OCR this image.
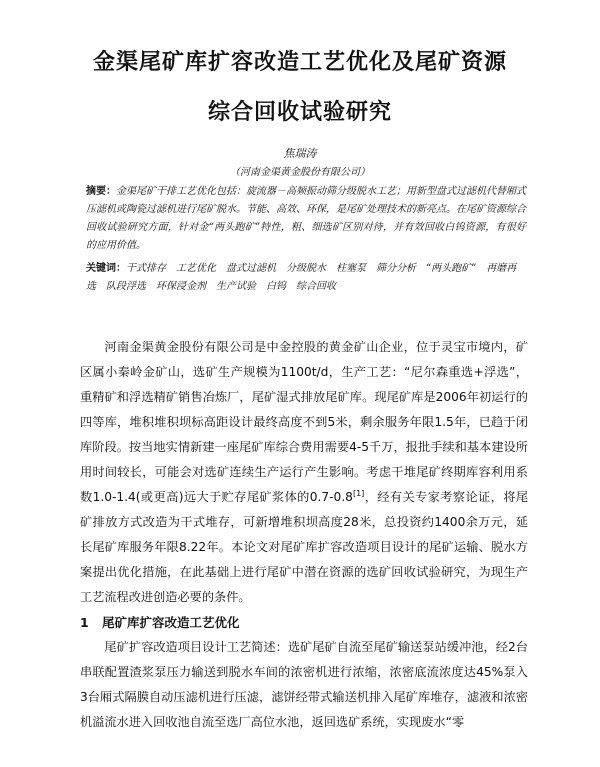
金渠尾矿库扩容改造工艺优化及尾矿资源
综合回收试验研究
焦瑞涛
（河南金渠黄金股份有限公司）
摘要：金渠尾矿干排工艺优化包括：旋流器－高频振动筛分级脱水工艺；用新型盘式过滤机代替厢式压滤机或陶瓷过滤机进行尾矿脱水。节能、高效、环保，是尾矿处理技术的新亮点。在尾矿资源综合回收试验研究方面，针对金“两头跑矿”特性，粗、细选矿区别对待，并有效回收白钨资源，有很好的应用价值。
关键词：干式排存　工艺优化　盘式过滤机　分级脱水　柱塞泵　筛分分析　“两头跑矿”　再磨再选　队段浮选　环保浸金剂　生产试验　白钨　综合回收

河南金渠黄金股份有限公司是中金控股的黄金矿山企业，位于灵宝市境内，矿区属小秦岭金矿山，选矿生产规模为1100t/d，生产工艺：“尼尔森重选+浮选”，重精矿和浮选精矿销售冶炼厂，尾矿湿式排放尾矿库。现尾矿库是2006年初运行的四等库，堆积堆积坝标高距设计最终高度不到5米，剩余服务年限1.5年，已趋于闭库阶段。按当地实情新建一座尾矿库综合费用需要4-5千万，报批手续和基本建设所用时间较长，可能会对选矿连续生产运行产生影响。考虑干堆尾矿终期库容利用系数1.0-1.4(或更高)远大于贮存尾矿浆体的0.7-0.8[1]，经有关专家考察论证，将尾矿排放方式改造为干式堆存，可新增堆积坝高度28米，总投资约1400余万元，延长尾矿库服务年限8.22年。本论文对尾矿库扩容改造项目设计的尾矿运输、脱水方案提出优化措施，在此基础上进行尾矿中潜在资源的选矿回收试验研究，为现生产工艺流程改进创造必要的条件。

1 尾矿库扩容改造工艺优化

尾矿扩容改造项目设计工艺简述：选矿尾矿自流至尾矿输送泵站缓冲池，经2台串联配置渣浆泵压力输送到脱水车间的浓密机进行浓缩，浓密底流浓度达45%泵入3台厢式隔膜自动压滤机进行压滤，滤饼经带式输送机排入尾矿库堆存，滤液和浓密机溢流水进入回收池自流至选厂高位水池，返回选矿系统，实现废水“零
